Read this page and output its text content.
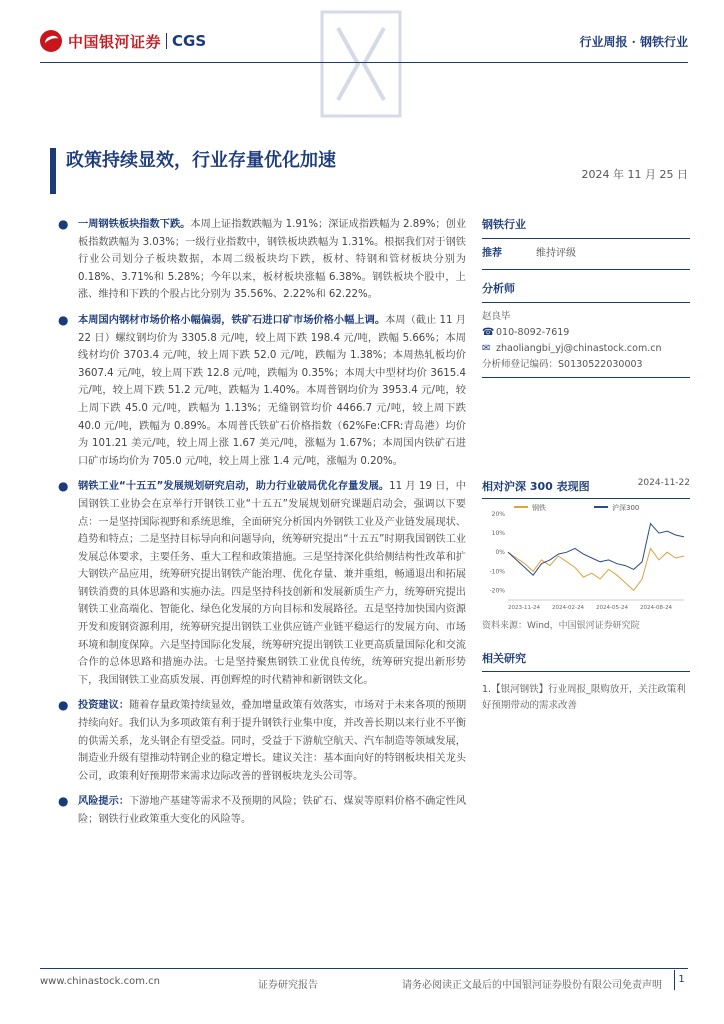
中国银河证券 CGS	行业周报 · 钢铁行业
政策持续显效，行业存量优化加速
2024 年 11 月 25 日
● 一周钢铁板块指数下跌。本周上证指数跌幅为 1.91%；深证成指跌幅为 2.89%；创业板指数跌幅为 3.03%；一级行业指数中，钢铁板块跌幅为 1.31%。根据我们对于钢铁行业公司划分子板块数据，本周二级板块均下跌，板材、特钢和管材板块分别为 0.18%、3.71%和 5.28%；今年以来，板材板块涨幅 6.38%。钢铁板块个股中，上涨、维持和下跌的个股占比分别为 35.56%、2.22%和 62.22%。
● 本周国内钢材市场价格小幅偏弱，铁矿石进口矿市场价格小幅上调。本周（截止 11 月 22 日）螺纹钢均价为 3305.8 元/吨，较上周下跌 198.4 元/吨，跌幅 5.66%；本周线材均价 3703.4 元/吨，较上周下跌 52.0 元/吨，跌幅为 1.38%；本周热轧板均价 3607.4 元/吨，较上周下跌 12.8 元/吨，跌幅为 0.35%；本周大中型材均价 3615.4 元/吨，较上周下跌 51.2 元/吨，跌幅为 1.40%。本周普钢均价为 3953.4 元/吨，较上周下跌 45.0 元/吨，跌幅为 1.13%；无缝钢管均价 4466.7 元/吨，较上周下跌 40.0 元/吨，跌幅为 0.89%。本周普氏铁矿石价格指数（62%Fe:CFR:青岛港）均价为 101.21 美元/吨，较上周上涨 1.67 美元/吨，涨幅为 1.67%；本周国内铁矿石进口矿市场均价为 705.0 元/吨，较上周上涨 1.4 元/吨，涨幅为 0.20%。
● 钢铁工业“十五五”发展规划研究启动，助力行业破局优化存量发展。11 月 19 日，中国钢铁工业协会在京举行开钢铁工业“十五五”发展规划研究课题启动会，强调以下要点：一是坚持国际视野和系统思维，全面研究分析国内外钢铁工业及产业链发展现状、趋势和特点；二是坚持目标导向和问题导向，统筹研究提出“十五五”时期我国钢铁工业发展总体要求，主要任务、重大工程和政策措施。三是坚持深化供给侧结构性改革和扩大钢铁产品应用，统筹研究提出钢铁产能治理、优化存量、兼并重组，畅通退出和拓展钢铁消费的具体思路和实施办法。四是坚持科技创新和发展新质生产力，统筹研究提出钢铁工业高端化、智能化、绿色化发展的方向目标和发展路径。五是坚持加快国内资源开发和废钢资源利用，统筹研究提出钢铁工业供应链产业链平稳运行的发展方向、市场环境和制度保障。六是坚持国际化发展，统筹研究提出钢铁工业更高质量国际化和交流合作的总体思路和措施办法。七是坚持聚焦钢铁工业优良传统，统筹研究提出新形势下，我国钢铁工业高质发展、再创辉煌的时代精神和新钢铁文化。
● 投资建议：随着存量政策持续显效，叠加增量政策有效落实，市场对于未来各项的预期持续向好。我们认为多项政策有利于提升钢铁行业集中度，并改善长期以来行业不平衡的供需关系，龙头钢企有望受益。同时，受益于下游航空航天、汽车制造等领域发展，制造业升级有望推动特钢企业的稳定增长。建议关注：基本面向好的特钢板块相关龙头公司，政策利好预期带来需求边际改善的普钢板块龙头公司等。
● 风险提示：下游地产基建等需求不及预期的风险；铁矿石、煤炭等原料价格不确定性风险；钢铁行业政策重大变化的风险等。
钢铁行业
推荐	维持评级
分析师
赵良毕
☎ 010-8092-7619
✉ zhaoliangbi_yj@chinastock.com.cn
分析师登记编码：S0130522030003
相对沪深 300 表现图	2024-11-22
钢铁	沪深300
-20%
-10%
0%
10%
20%
2023-11-24 2024-02-24 2024-05-24 2024-08-24
资料来源：Wind，中国银河证券研究院
相关研究
1.【银河钢铁】行业周报_限购放开，关注政策利好预期带动的需求改善
www.chinastock.com.cn	证券研究报告	请务必阅读正文最后的中国银河证券股份有限公司免责声明
1
